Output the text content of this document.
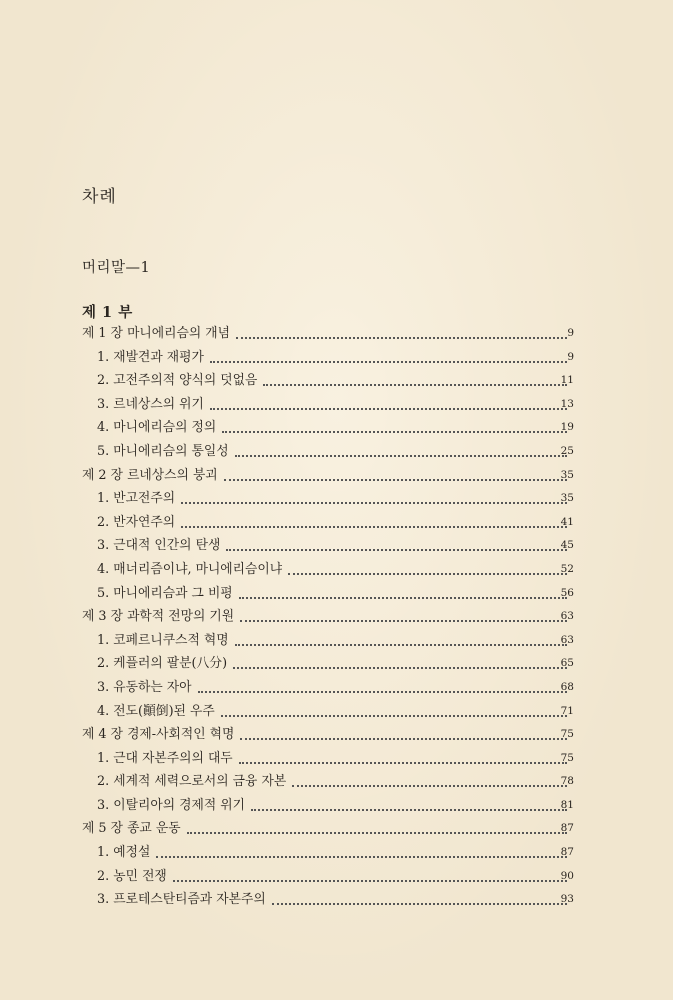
차례
머리말—1
제 1 부
제 1 장 마니에리슴의 개념	9
1. 재발견과 재평가	9
2. 고전주의적 양식의 덧없음	11
3. 르네상스의 위기	13
4. 마니에리슴의 정의	19
5. 마니에리슴의 통일성	25
제 2 장 르네상스의 붕괴	35
1. 반고전주의	35
2. 반자연주의	41
3. 근대적 인간의 탄생	45
4. 매너리즘이냐, 마니에리슴이냐	52
5. 마니에리슴과 그 비평	56
제 3 장 과학적 전망의 기원	63
1. 코페르니쿠스적 혁명	63
2. 케플러의 팔분(八分)	65
3. 유동하는 자아	68
4. 전도(顚倒)된 우주	71
제 4 장 경제-사회적인 혁명	75
1. 근대 자본주의의 대두	75
2. 세계적 세력으로서의 금융 자본	78
3. 이탈리아의 경제적 위기	81
제 5 장 종교 운동	87
1. 예정설	87
2. 농민 전쟁	90
3. 프로테스탄티즘과 자본주의	93
